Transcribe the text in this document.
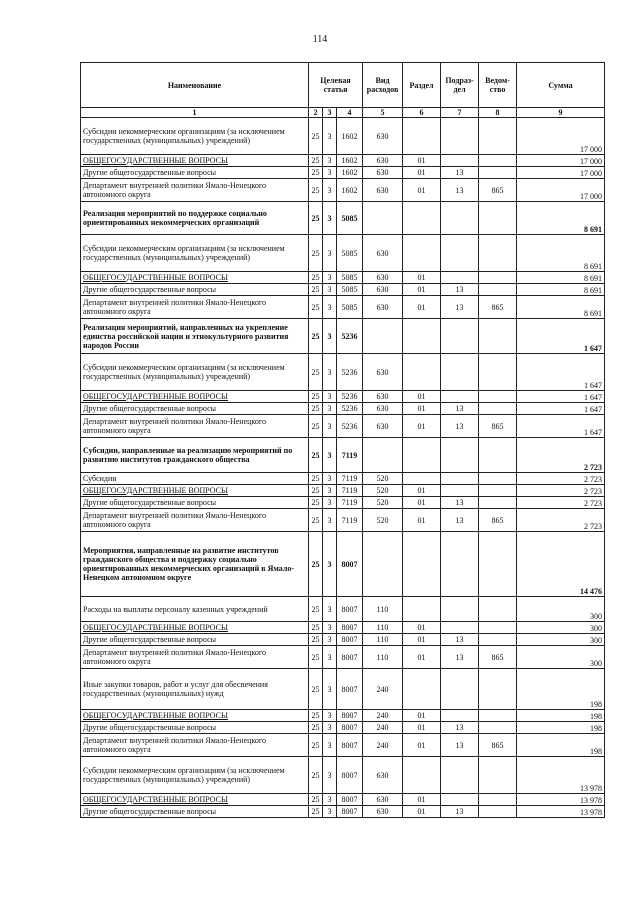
114
Наименование	Целевая статья			Вид расходов	Раздел	Подраз-дел	Ведом-ство	Сумма
1	2	3	4	5	6	7	8	9
Субсидии некоммерческим организациям (за исключением государственных (муниципальных) учреждений)	25	3	1602	630				17 000
ОБЩЕГОСУДАРСТВЕННЫЕ ВОПРОСЫ	25	3	1602	630	01			17 000
Другие общегосударственные вопросы	25	3	1602	630	01	13		17 000
Департамент внутренней политики Ямало-Ненецкого автономного округа	25	3	1602	630	01	13	865	17 000
Реализация мероприятий по поддержке социально ориентированных некоммерческих организаций	25	3	5085					8 691
Субсидии некоммерческим организациям (за исключением государственных (муниципальных) учреждений)	25	3	5085	630				8 691
ОБЩЕГОСУДАРСТВЕННЫЕ ВОПРОСЫ	25	3	5085	630	01			8 691
Другие общегосударственные вопросы	25	3	5085	630	01	13		8 691
Департамент внутренней политики Ямало-Ненецкого автономного округа	25	3	5085	630	01	13	865	8 691
Реализация мероприятий, направленных на укрепление единства российской нации и этнокультурного развития народов России	25	3	5236					1 647
Субсидии некоммерческим организациям (за исключением государственных (муниципальных) учреждений)	25	3	5236	630				1 647
ОБЩЕГОСУДАРСТВЕННЫЕ ВОПРОСЫ	25	3	5236	630	01			1 647
Другие общегосударственные вопросы	25	3	5236	630	01	13		1 647
Департамент внутренней политики Ямало-Ненецкого автономного округа	25	3	5236	630	01	13	865	1 647
Субсидии, направленные на реализацию мероприятий по развитию институтов гражданского общества	25	3	7119					2 723
Субсидии	25	3	7119	520				2 723
ОБЩЕГОСУДАРСТВЕННЫЕ ВОПРОСЫ	25	3	7119	520	01			2 723
Другие общегосударственные вопросы	25	3	7119	520	01	13		2 723
Департамент внутренней политики Ямало-Ненецкого автономного округа	25	3	7119	520	01	13	865	2 723
Мероприятия, направленные на развитие институтов гражданского общества и поддержку социально ориентированных некоммерческих организаций в Ямало-Ненецком автономном округе	25	3	8007					14 476
Расходы на выплаты персоналу казенных учреждений	25	3	8007	110				300
ОБЩЕГОСУДАРСТВЕННЫЕ ВОПРОСЫ	25	3	8007	110	01			300
Другие общегосударственные вопросы	25	3	8007	110	01	13		300
Департамент внутренней политики Ямало-Ненецкого автономного округа	25	3	8007	110	01	13	865	300
Иные закупки товаров, работ и услуг для обеспечения государственных (муниципальных) нужд	25	3	8007	240				198
ОБЩЕГОСУДАРСТВЕННЫЕ ВОПРОСЫ	25	3	8007	240	01			198
Другие общегосударственные вопросы	25	3	8007	240	01	13		198
Департамент внутренней политики Ямало-Ненецкого автономного округа	25	3	8007	240	01	13	865	198
Субсидии некоммерческим организациям (за исключением государственных (муниципальных) учреждений)	25	3	8007	630				13 978
ОБЩЕГОСУДАРСТВЕННЫЕ ВОПРОСЫ	25	3	8007	630	01			13 978
Другие общегосударственные вопросы	25	3	8007	630	01	13		13 978
